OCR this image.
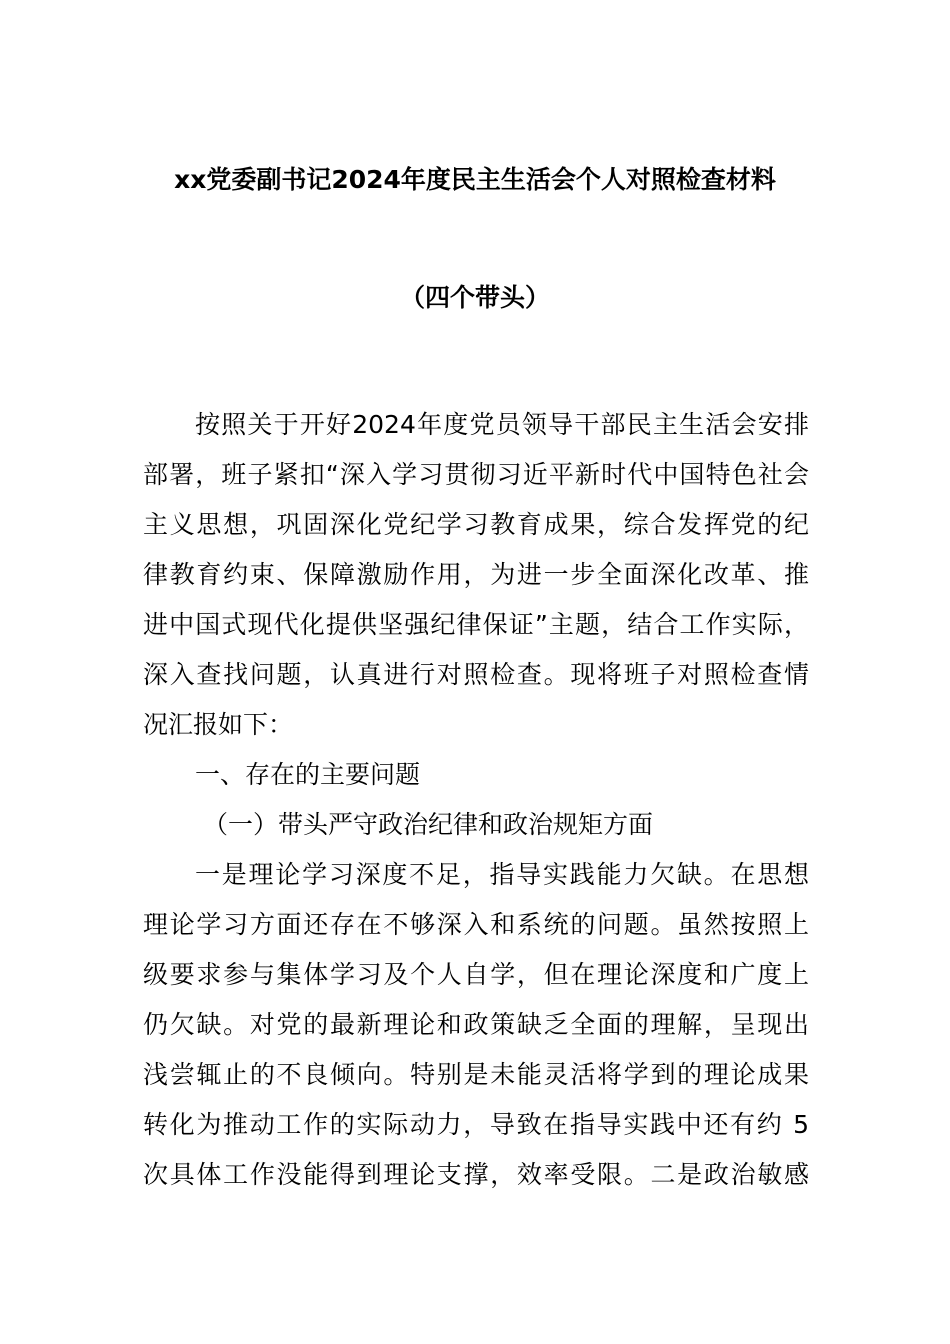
xx党委副书记2024年度民主生活会个人对照检查材料
（四个带头）
按照关于开好2024年度党员领导干部民主生活会安排
部署，班子紧扣“深入学习贯彻习近平新时代中国特色社会
主义思想，巩固深化党纪学习教育成果，综合发挥党的纪
律教育约束、保障激励作用，为进一步全面深化改革、推
进中国式现代化提供坚强纪律保证”主题，结合工作实际，
深入查找问题，认真进行对照检查。现将班子对照检查情
况汇报如下：
一、存在的主要问题
（一）带头严守政治纪律和政治规矩方面
一是理论学习深度不足，指导实践能力欠缺。在思想
理论学习方面还存在不够深入和系统的问题。虽然按照上
级要求参与集体学习及个人自学，但在理论深度和广度上
仍欠缺。对党的最新理论和政策缺乏全面的理解，呈现出
浅尝辄止的不良倾向。特别是未能灵活将学到的理论成果
转化为推动工作的实际动力，导致在指导实践中还有约 5
次具体工作没能得到理论支撑，效率受限。二是政治敏感
